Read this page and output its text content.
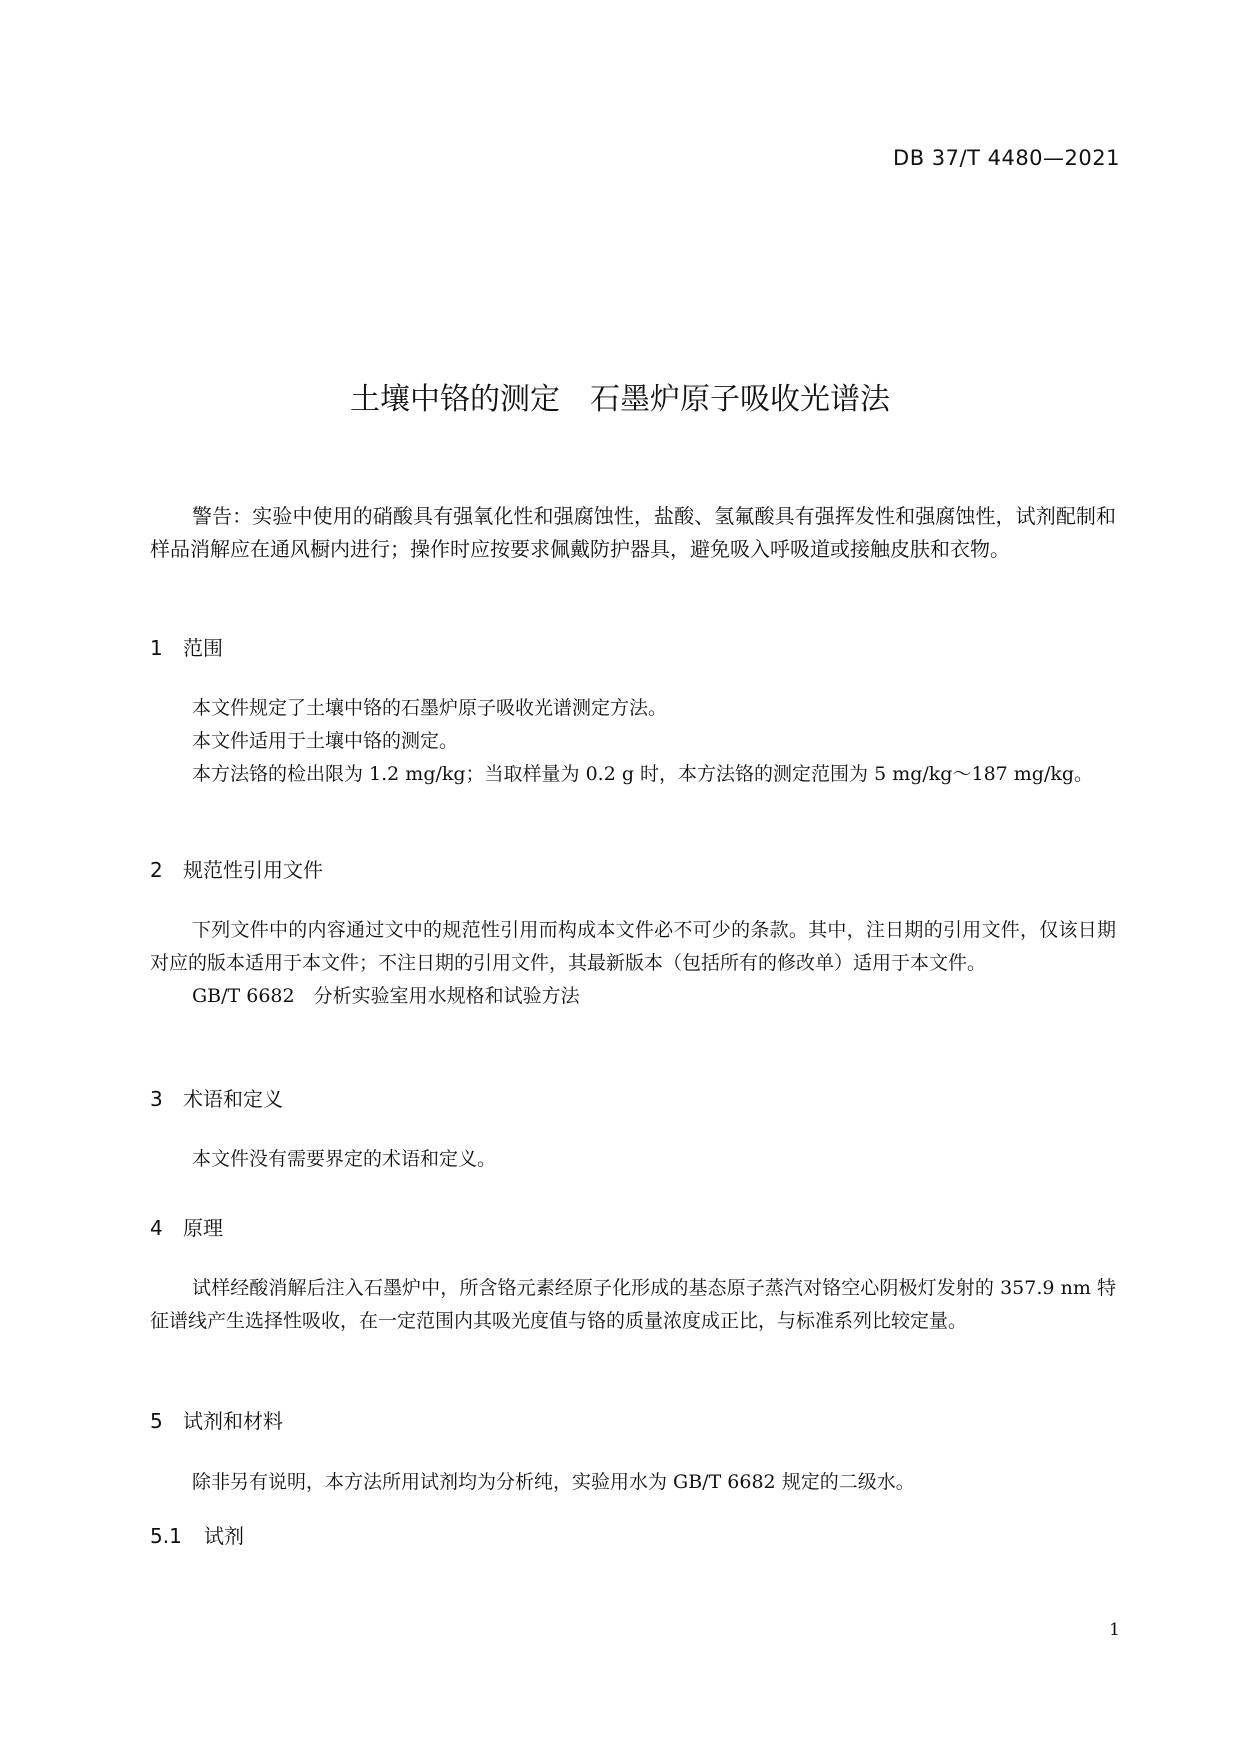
DB 37/T 4480—2021
土壤中铬的测定　石墨炉原子吸收光谱法

警告：实验中使用的硝酸具有强氧化性和强腐蚀性，盐酸、氢氟酸具有强挥发性和强腐蚀性，试剂配制和样品消解应在通风橱内进行；操作时应按要求佩戴防护器具，避免吸入呼吸道或接触皮肤和衣物。

1 范围

本文件规定了土壤中铬的石墨炉原子吸收光谱测定方法。

本文件适用于土壤中铬的测定。

本方法铬的检出限为 1.2 mg/kg；当取样量为 0.2 g 时，本方法铬的测定范围为 5 mg/kg～187 mg/kg。

2 规范性引用文件

下列文件中的内容通过文中的规范性引用而构成本文件必不可少的条款。其中，注日期的引用文件，仅该日期对应的版本适用于本文件；不注日期的引用文件，其最新版本（包括所有的修改单）适用于本文件。

GB/T 6682　分析实验室用水规格和试验方法

3 术语和定义

本文件没有需要界定的术语和定义。

4 原理

试样经酸消解后注入石墨炉中，所含铬元素经原子化形成的基态原子蒸汽对铬空心阴极灯发射的 357.9 nm 特征谱线产生选择性吸收，在一定范围内其吸光度值与铬的质量浓度成正比，与标准系列比较定量。

5 试剂和材料

除非另有说明，本方法所用试剂均为分析纯，实验用水为 GB/T 6682 规定的二级水。

5.1 试剂
1
